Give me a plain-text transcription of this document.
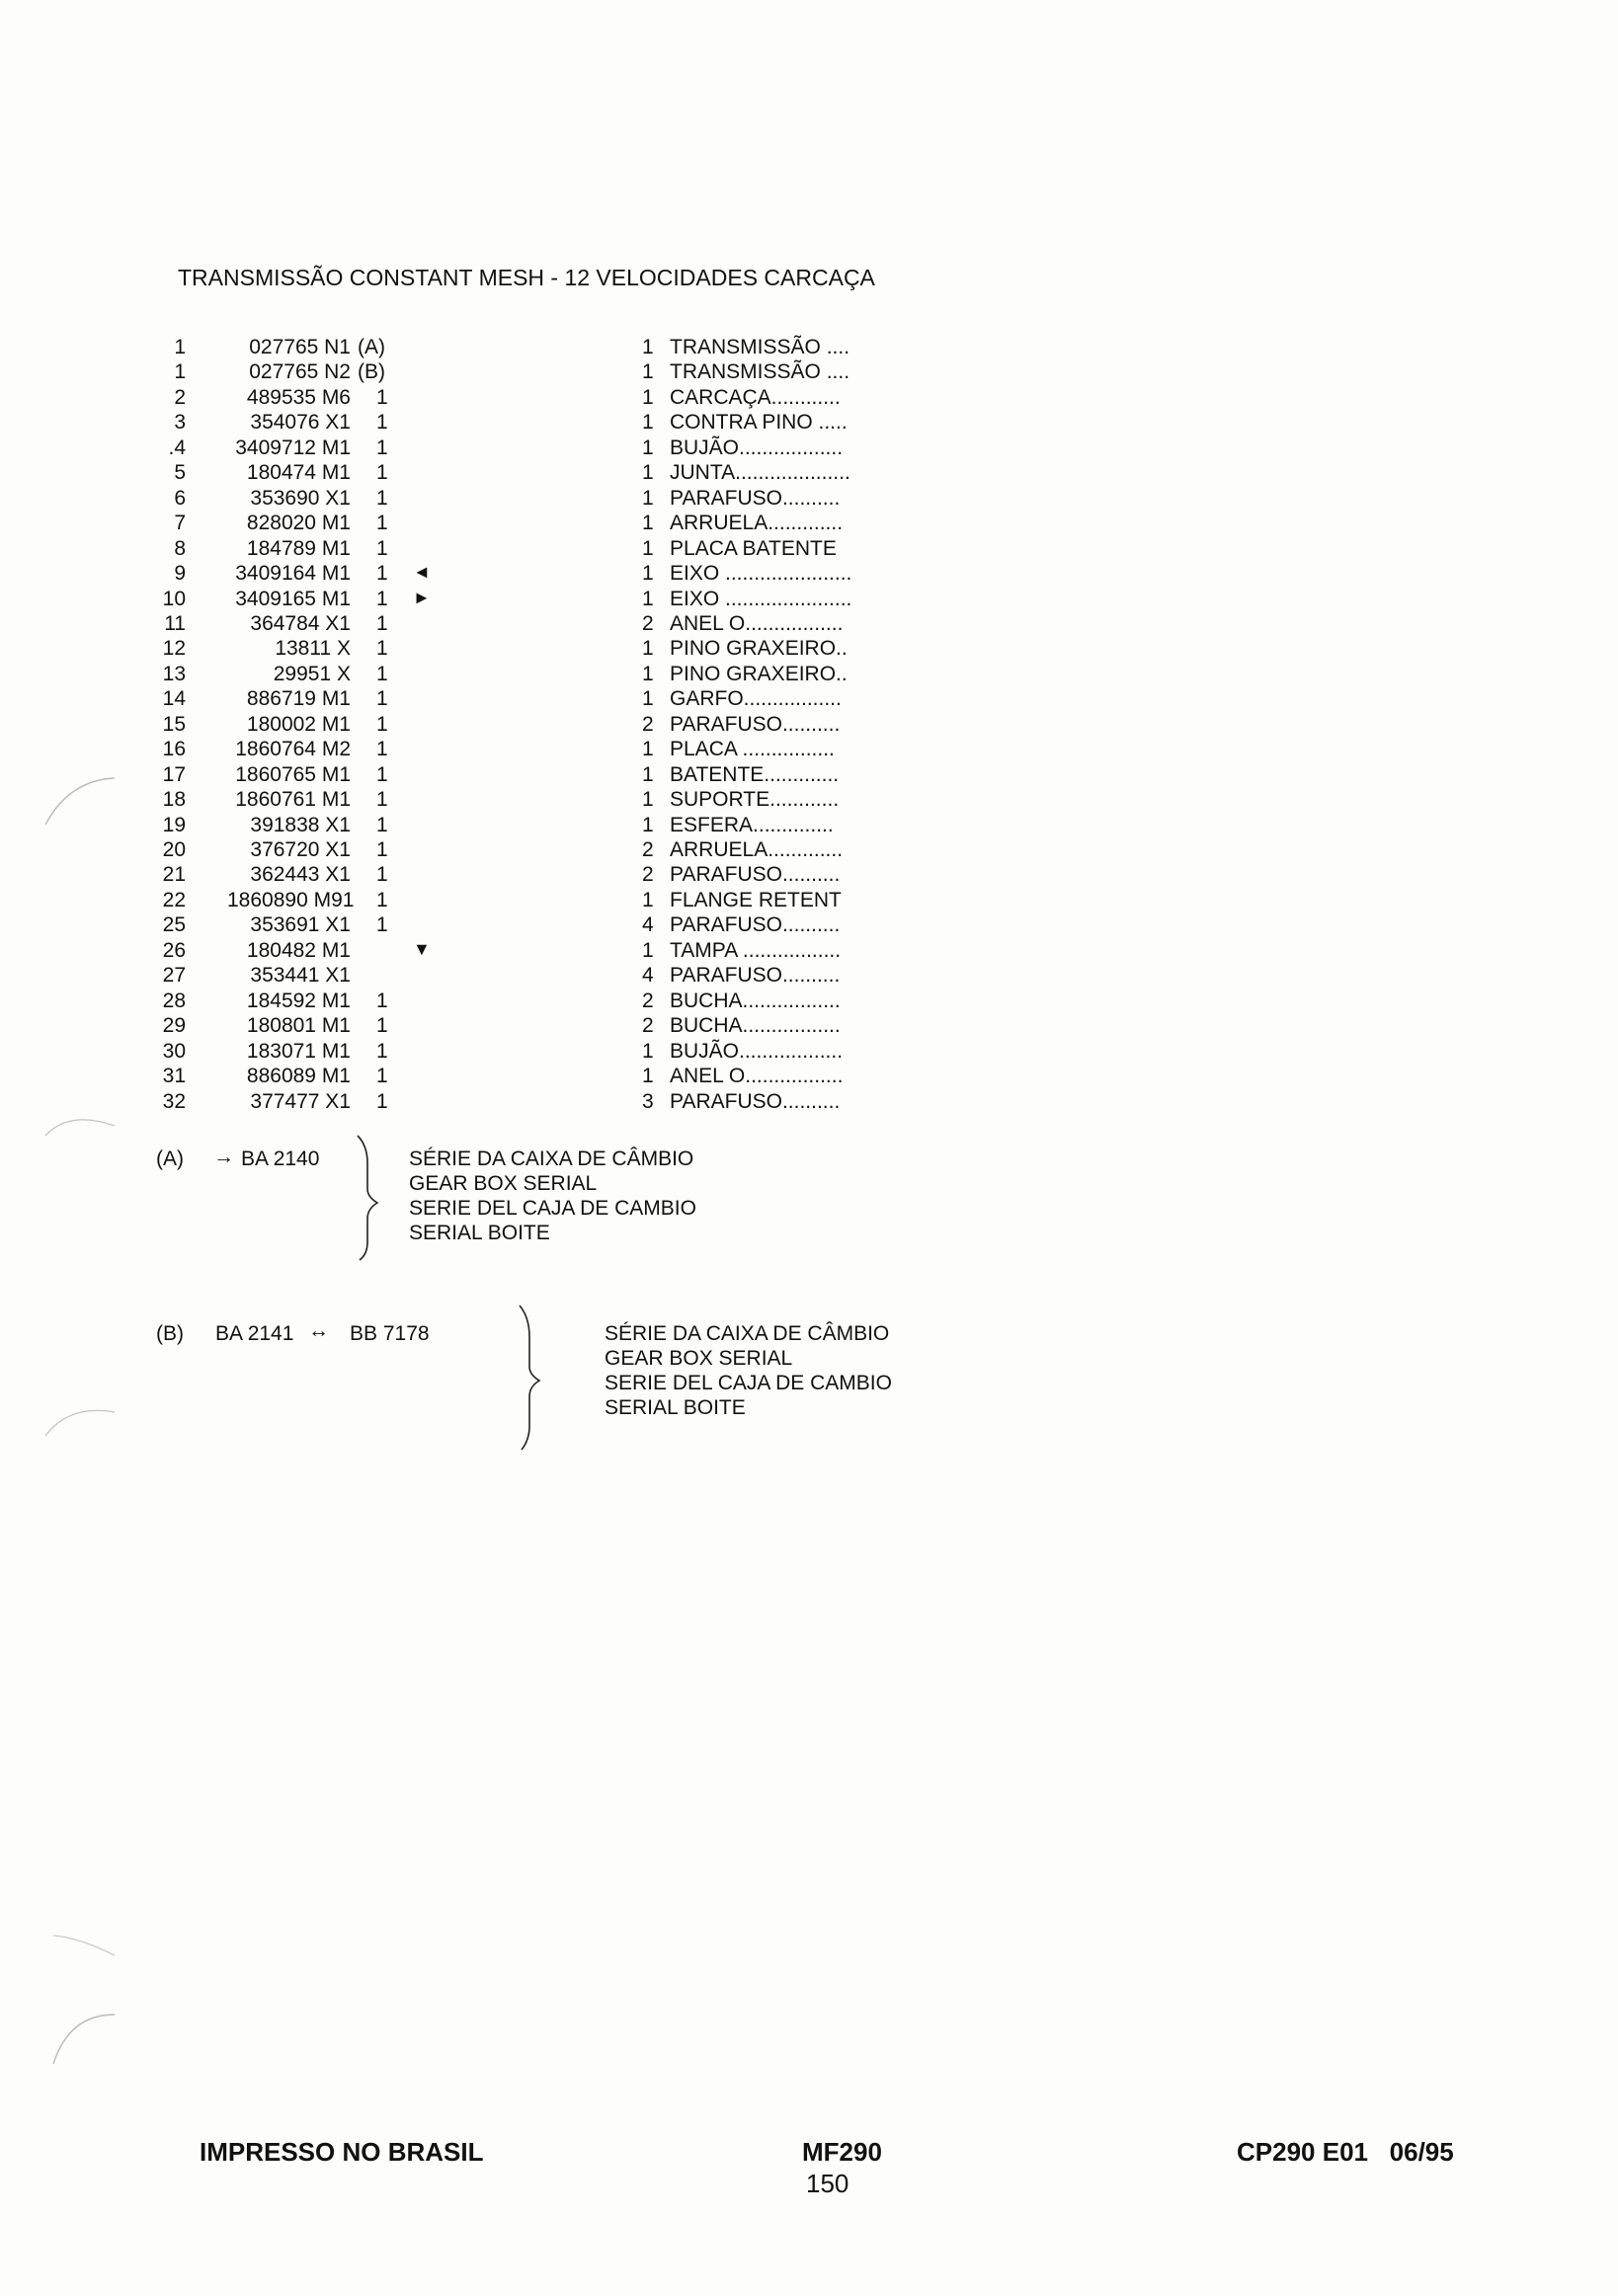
TRANSMISSÃO CONSTANT MESH - 12 VELOCIDADES CARCAÇA
1	027765 N1 (A)	1 TRANSMISSÃO ....
1	027765 N2 (B)	1 TRANSMISSÃO ....
2	489535 M6 1	1 CARCAÇA............
3	354076 X1 1	1 CONTRA PINO .....
.4	3409712 M1 1	1 BUJÃO..................
5	180474 M1 1	1 JUNTA....................
6	353690 X1 1	1 PARAFUSO..........
7	828020 M1 1	1 ARRUELA.............
8	184789 M1 1	1 PLACA BATENTE
9	3409164 M1 1 ◄	1 EIXO ......................
10	3409165 M1 1 ►	1 EIXO ......................
11	364784 X1 1	2 ANEL O.................
12	13811 X 1	1 PINO GRAXEIRO..
13	29951 X 1	1 PINO GRAXEIRO..
14	886719 M1 1	1 GARFO.................
15	180002 M1 1	2 PARAFUSO..........
16	1860764 M2 1	1 PLACA ................
17	1860765 M1 1	1 BATENTE.............
18	1860761 M1 1	1 SUPORTE............
19	391838 X1 1	1 ESFERA..............
20	376720 X1 1	2 ARRUELA.............
21	362443 X1 1	2 PARAFUSO..........
22 1860890 M91 1	1 FLANGE RETENT
25	353691 X1 1	4 PARAFUSO..........
26	180482 M1	▼	1 TAMPA .................
27	353441 X1	4 PARAFUSO..........
28	184592 M1 1	2 BUCHA.................
29	180801 M1 1	2 BUCHA.................
30	183071 M1 1	1 BUJÃO..................
31	886089 M1 1	1 ANEL O.................
32	377477 X1 1	3 PARAFUSO..........
(A) → BA 2140	SÉRIE DA CAIXA DE CÂMBIO
GEAR BOX SERIAL
SERIE DEL CAJA DE CAMBIO
SERIAL BOITE
(B) BA 2141 ↔ BB 7178	SÉRIE DA CAIXA DE CÂMBIO
GEAR BOX SERIAL
SERIE DEL CAJA DE CAMBIO
SERIAL BOITE
IMPRESSO NO BRASIL	MF290
150
CP290 E01   06/95
